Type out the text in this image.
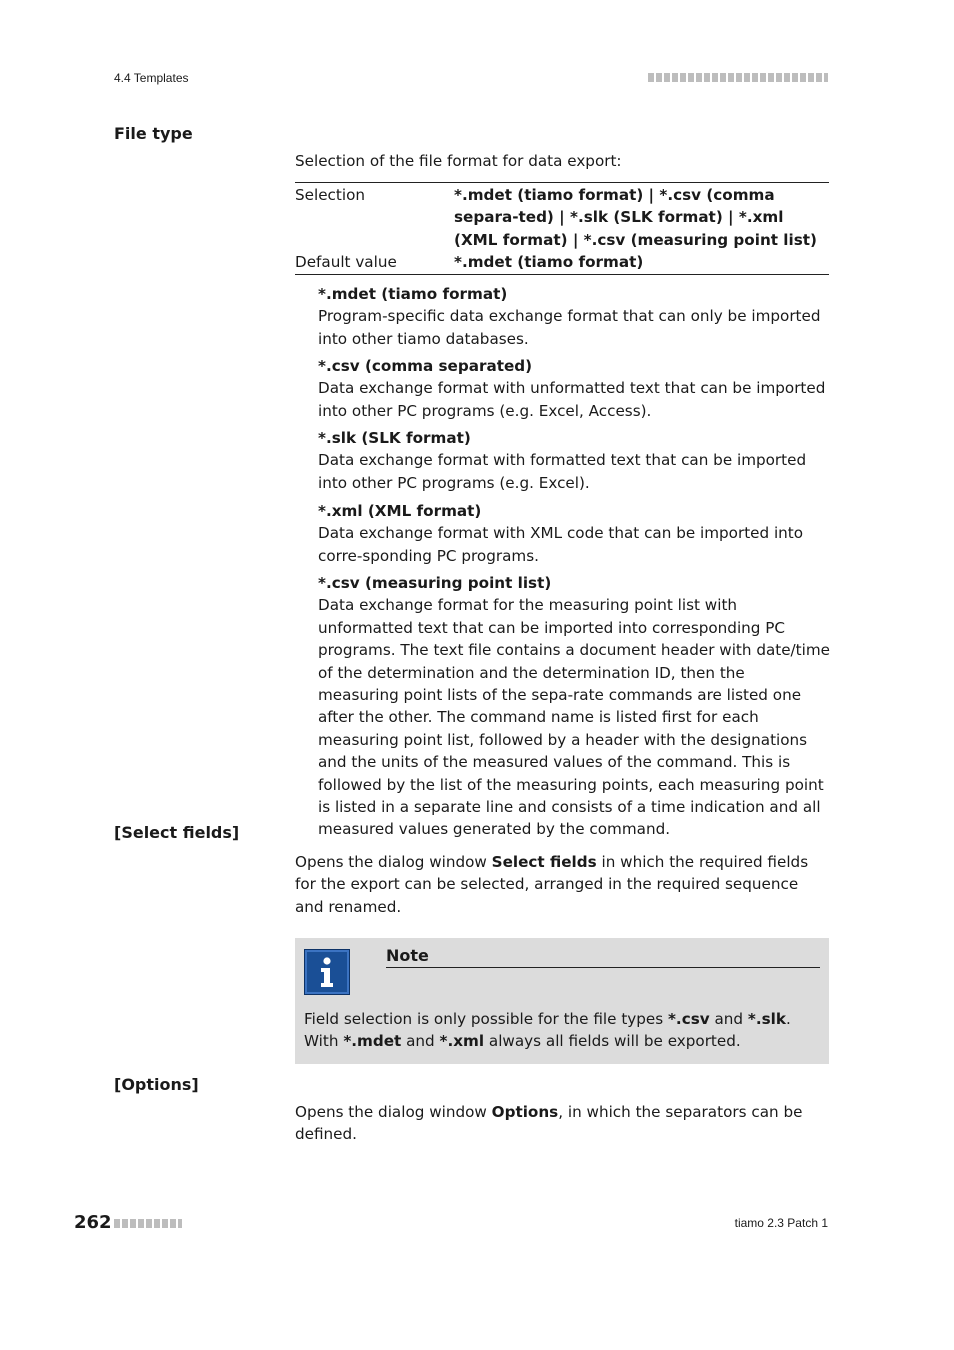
4.4 Templates
File type
Selection of the file format for data export:
Selection	*.mdet (tiamo format) | *.csv (comma separa-ted) | *.slk (SLK format) | *.xml (XML format) | *.csv (measuring point list)
Default value	*.mdet (tiamo format)
*.mdet (tiamo format)
Program-specific data exchange format that can only be imported into other tiamo databases.
*.csv (comma separated)
Data exchange format with unformatted text that can be imported into other PC programs (e.g. Excel, Access).
*.slk (SLK format)
Data exchange format with formatted text that can be imported into other PC programs (e.g. Excel).
*.xml (XML format)
Data exchange format with XML code that can be imported into corre-sponding PC programs.
*.csv (measuring point list)
Data exchange format for the measuring point list with unformatted text that can be imported into corresponding PC programs. The text file contains a document header with date/time of the determination and the determination ID, then the measuring point lists of the sepa-rate commands are listed one after the other. The command name is listed first for each measuring point list, followed by a header with the designations and the units of the measured values of the command. This is followed by the list of the measuring points, each measuring point is listed in a separate line and consists of a time indication and all measured values generated by the command.
[Select fields]
Opens the dialog window Select fields in which the required fields for the export can be selected, arranged in the required sequence and renamed.
Note
Field selection is only possible for the file types *.csv and *.slk. With *.mdet and *.xml always all fields will be exported.
[Options]
Opens the dialog window Options, in which the separators can be defined.
262	tiamo 2.3 Patch 1
